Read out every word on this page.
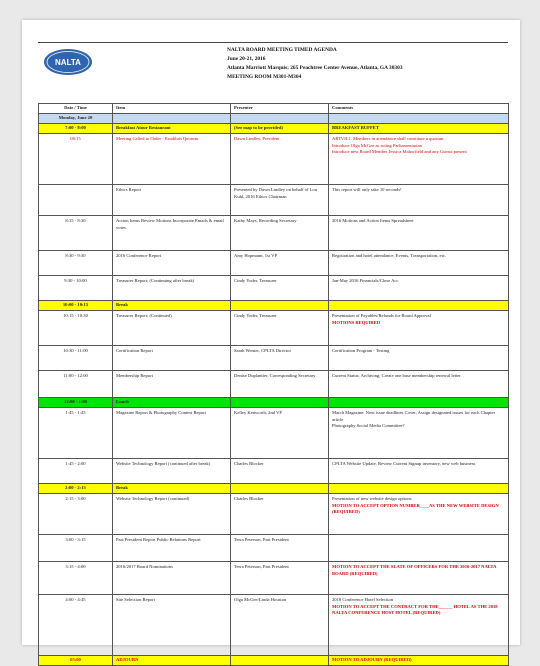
NALTA
NALTA BOARD MEETING TIMED AGENDA
June 20-21, 2016
Atlanta Marriott Marquis; 265 Peachtree Center Avenue, Atlanta, GA 30303
MEETING ROOM M301-M304
Date / Time	Item	Presenter	Comments
Monday, June 20			
7:00 - 8:00	Breakfast Atour Restaurant	(See map to be provided)	BREAKFAST BUFFET

08:15	Meeting Called to Order - Establish Quorum	Dawn Lindley, President	ARTVII.1. Members in attendance shall constitute a quorum
Introduce Olga McGee as acting Parliamentarian
Introduce new Board Member Jessica Mahorfield and any Guests present

	Ethics Report	Presented by Dawn Lindley on behalf of Lou Kuhl, 2016 Ethics Chairman	This report will only take 10 seconds!

8:15 - 8:30	Action Items Review Motions Incorporate Emails & email votes	Kathy Mays, Recording Secretary	2016 Motions and Action Items Spreadsheet

8:30 - 9:30	2016 Conference Report	Amy Hopmann, 1st VP	Registration and hotel attendance, Events, Transportation, etc.

9:30 - 10:00	Treasurer Report; (Continuing after break)	Cindy Yoder, Treasurer	Jan-May 2016 Financials/Close Acc

10:00 - 10:15	Break		
10:15 - 10:30	Treasurer Report; (Continued)	Cindy Yoder, Treasurer	Presentation of Payables/Refunds for Board Approval
MOTIONS REQUIRED

10:30 - 11:00	Certification Report	Sarah Werner, CPLTA Director	Certification Program - Testing

11:00 - 12:00	Membership Report	Denise Duplantier, Corresponding Secretary	Current Status; Archiving; Create one base membership renewal letter

12:00 - 1:00	Lunch		
1:45 - 1:45	Magazine Report & Photography Contest Report	Kelley Kenworth, 2nd VP	March Magazine: Next issue deadlines Cover, Assign designated issues for each Chapter article
Photography Social Media Committee?

1:45 - 2:00	Website Technology Report (continued after break)	Charles Blocker	CPLTA Website Update, Review Current Signup inventory, new web business

2:00 - 2:15	Break		
2:15 - 3:00	Website Technology Report (continued)	Charles Blocker	Presentation of new website design options
MOTION TO ACCEPT OPTION NUMBER____AS THE NEW WEBSITE DESIGN (REQUIRED)

3:00 - 3:15	Past President Report Public Relations Report	Terra Peterson, Past President	
3:15 - 4:00	2016/2017 Board Nominations	Terra Peterson, Past President	MOTION TO ACCEPT THE SLATE OF OFFICERS FOR THE 2016-2017 NALTA BOARD (REQUIRED)

4:00 - 4:45	Site Selection Report	Olga McGee/Linda Houston	2018 Conference Hotel Selection
MOTION TO ACCEPT THE CONTRACT FOR THE______ HOTEL AS THE 2018 NALTA CONFERENCE HOST HOTEL (REQUIRED)

05:00	ADJOURN		MOTION TO ADJOURN (REQUIRED)
